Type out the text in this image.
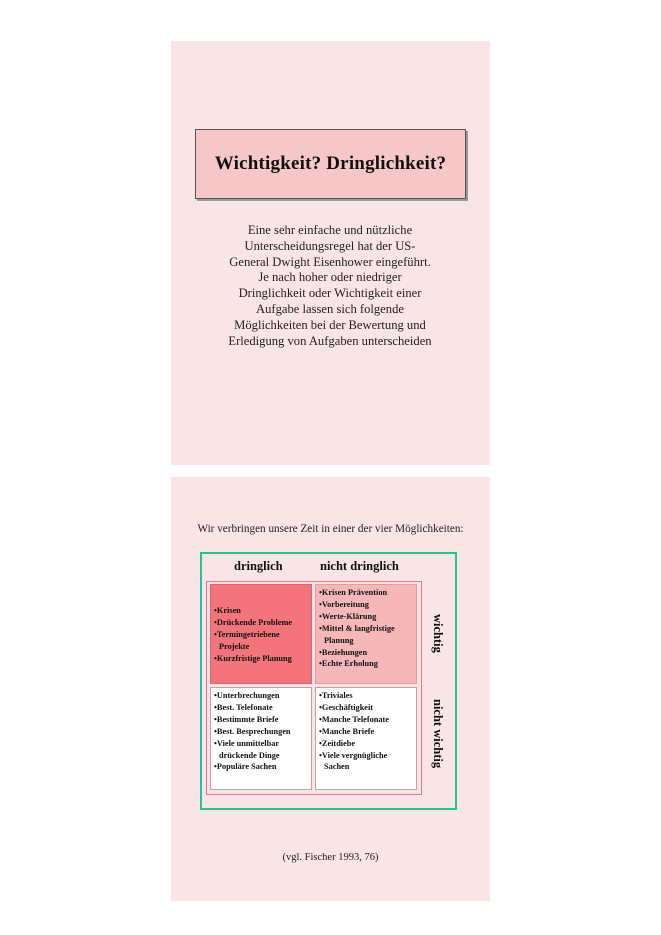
Wichtigkeit? Dringlichkeit?
Eine sehr einfache und nützliche
Unterscheidungsregel hat der US-
General Dwight Eisenhower eingeführt.
Je nach hoher oder niedriger
Dringlichkeit oder Wichtigkeit einer
Aufgabe lassen sich folgende
Möglichkeiten bei der Bewertung und
Erledigung von Aufgaben unterscheiden
Wir verbringen unsere Zeit in einer der vier Möglichkeiten:
dringlich	nicht dringlich
wichtig
nicht wichtig
• Krisen
• Drückende Probleme
• Termingetriebene
Projekte
• Kurzfristige Planung
• Krisen Prävention
• Vorbereitung
• Werte-Klärung
• Mittel & langfristige
Planung
• Beziehungen
• Echte Erholung
• Unterbrechungen
• Best. Telefonate
• Bestimmte Briefe
• Best. Besprechungen
• Viele unmittelbar
drückende Dinge
• Populäre Sachen
• Triviales
• Geschäftigkeit
• Manche Telefonate
• Manche Briefe
• Zeitdiebe
• Viele vergnügliche
Sachen
(vgl. Fischer 1993, 76)
